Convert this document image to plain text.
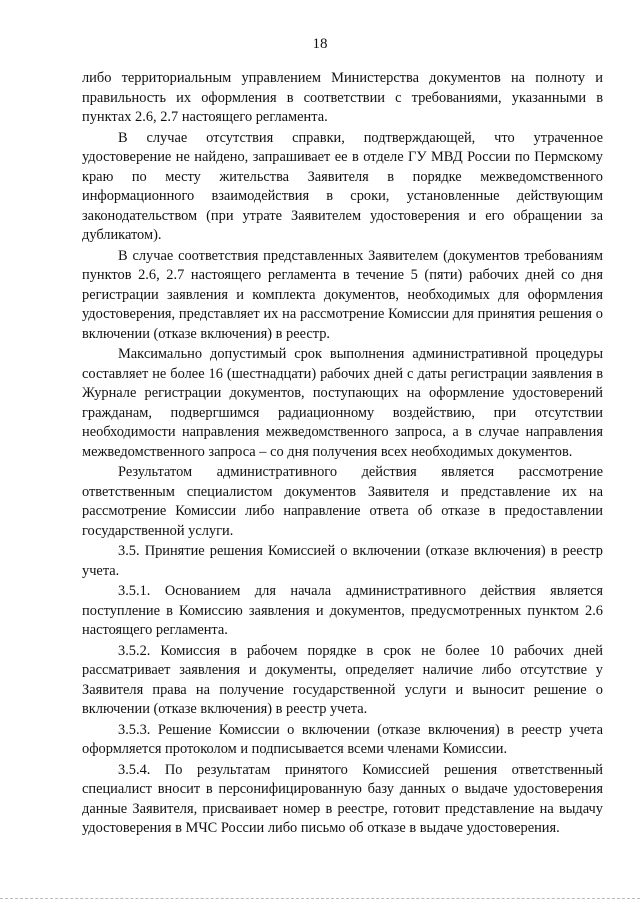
18

либо территориальным управлением Министерства документов на полноту и правильность их оформления в соответствии с требованиями, указанными в пунктах 2.6, 2.7 настоящего регламента.

В случае отсутствия справки, подтверждающей, что утраченное удостоверение не найдено, запрашивает ее в отделе ГУ МВД России по Пермскому краю по месту жительства Заявителя в порядке межведомственного информационного взаимодействия в сроки, установленные действующим законодательством (при утрате Заявителем удостоверения и его обращении за дубликатом).

В случае соответствия представленных Заявителем (документов требованиям пунктов 2.6, 2.7 настоящего регламента в течение 5 (пяти) рабочих дней со дня регистрации заявления и комплекта документов, необходимых для оформления удостоверения, представляет их на рассмотрение Комиссии для принятия решения о включении (отказе включения) в реестр.

Максимально допустимый срок выполнения административной процедуры составляет не более 16 (шестнадцати) рабочих дней с даты регистрации заявления в Журнале регистрации документов, поступающих на оформление удостоверений гражданам, подвергшимся радиационному воздействию, при отсутствии необходимости направления межведомственного запроса, а в случае направления межведомственного запроса – со дня получения всех необходимых документов.

Результатом административного действия является рассмотрение ответственным специалистом документов Заявителя и представление их на рассмотрение Комиссии либо направление ответа об отказе в предоставлении государственной услуги.

3.5. Принятие решения Комиссией о включении (отказе включения) в реестр учета.

3.5.1. Основанием для начала административного действия является поступление в Комиссию заявления и документов, предусмотренных пунктом 2.6 настоящего регламента.

3.5.2. Комиссия в рабочем порядке в срок не более 10 рабочих дней рассматривает заявления и документы, определяет наличие либо отсутствие у Заявителя права на получение государственной услуги и выносит решение о включении (отказе включения) в реестр учета.

3.5.3. Решение Комиссии о включении (отказе включения) в реестр учета оформляется протоколом и подписывается всеми членами Комиссии.

3.5.4. По результатам принятого Комиссией решения ответственный специалист вносит в персонифицированную базу данных о выдаче удостоверения данные Заявителя, присваивает номер в реестре, готовит представление на выдачу удостоверения в МЧС России либо письмо об отказе в выдаче удостоверения.
